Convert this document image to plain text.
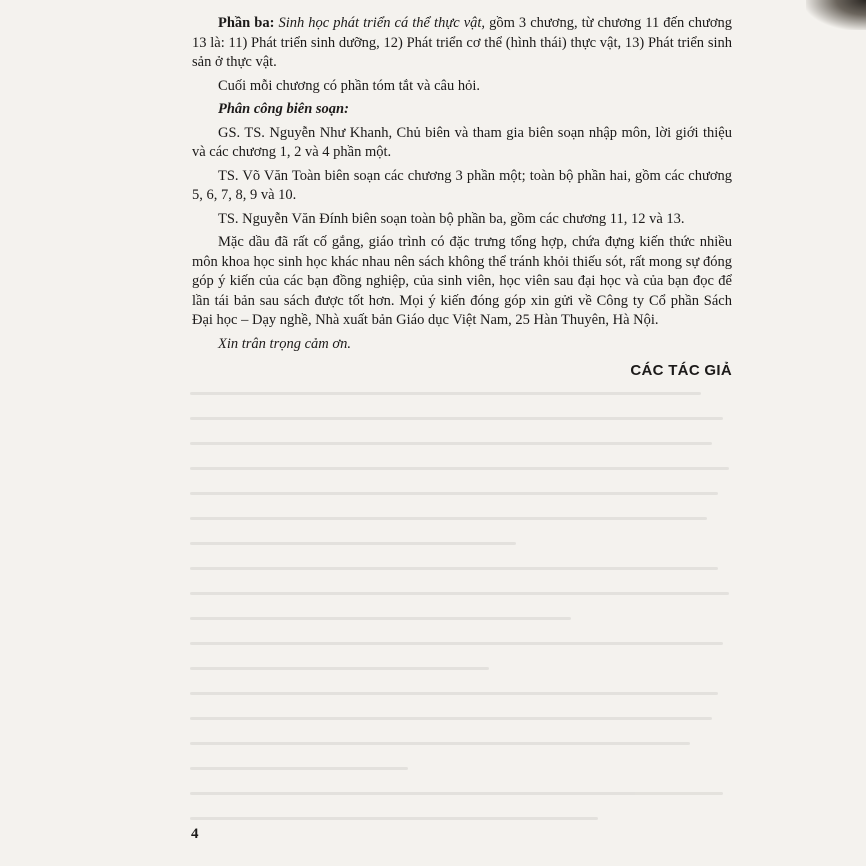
Phần ba: Sinh học phát triển cá thể thực vật, gồm 3 chương, từ chương 11 đến chương 13 là: 11) Phát triển sinh dưỡng, 12) Phát triển cơ thể (hình thái) thực vật, 13) Phát triển sinh sản ở thực vật.

Cuối mỗi chương có phần tóm tắt và câu hỏi.

Phân công biên soạn:

GS. TS. Nguyễn Như Khanh, Chủ biên và tham gia biên soạn nhập môn, lời giới thiệu và các chương 1, 2 và 4 phần một.

TS. Võ Văn Toàn biên soạn các chương 3 phần một; toàn bộ phần hai, gồm các chương 5, 6, 7, 8, 9 và 10.

TS. Nguyễn Văn Đính biên soạn toàn bộ phần ba, gồm các chương 11, 12 và 13.

Mặc dầu đã rất cố gắng, giáo trình có đặc trưng tổng hợp, chứa đựng kiến thức nhiều môn khoa học sinh học khác nhau nên sách không thể tránh khỏi thiếu sót, rất mong sự đóng góp ý kiến của các bạn đồng nghiệp, của sinh viên, học viên sau đại học và của bạn đọc để lần tái bản sau sách được tốt hơn. Mọi ý kiến đóng góp xin gửi về Công ty Cổ phần Sách Đại học – Dạy nghề, Nhà xuất bản Giáo dục Việt Nam, 25 Hàn Thuyên, Hà Nội.

Xin trân trọng cảm ơn.

CÁC TÁC GIẢ
4
